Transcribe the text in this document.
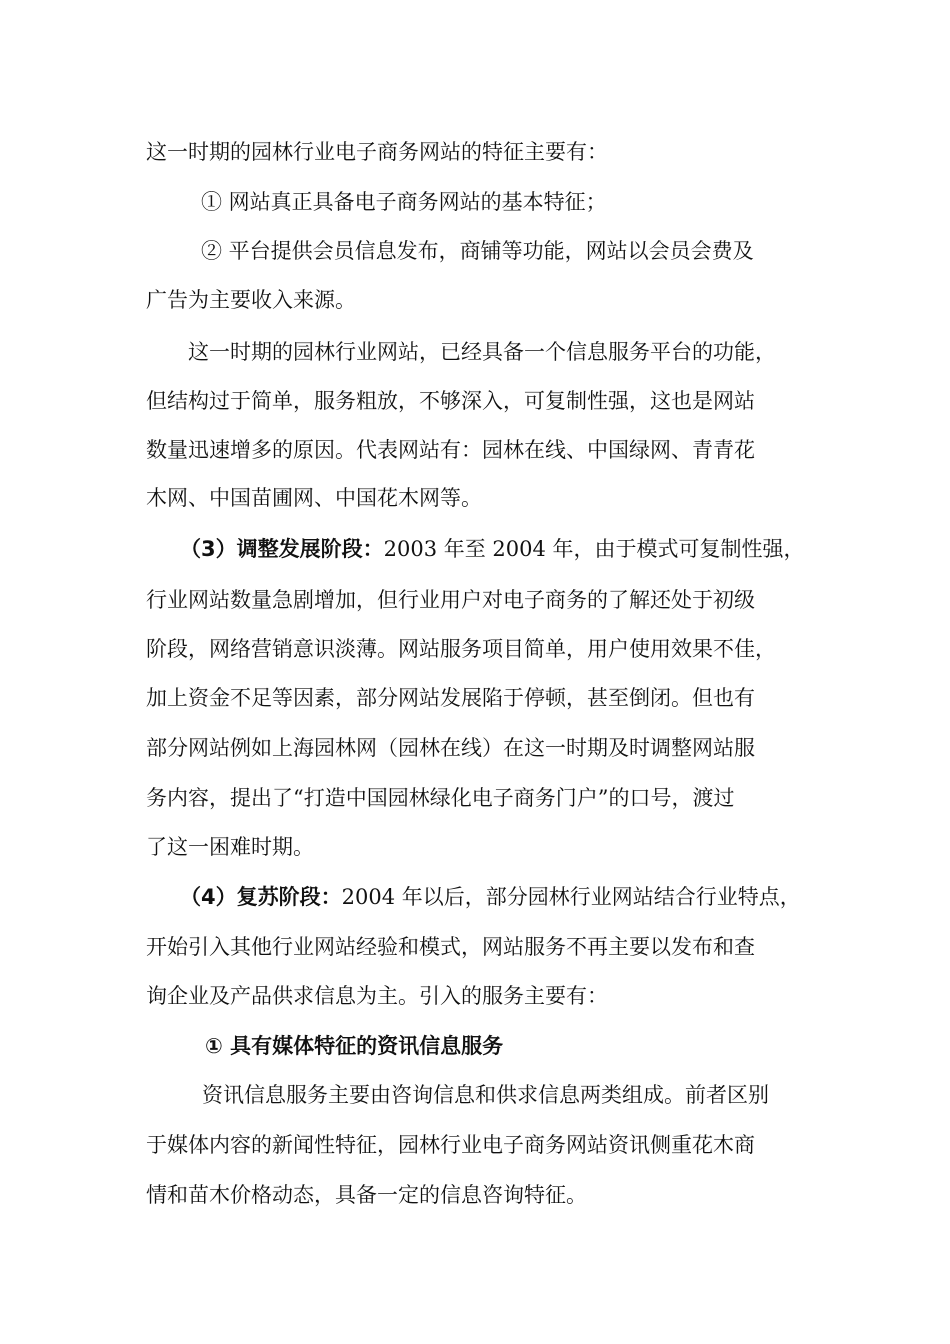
这一时期的园林行业电子商务网站的特征主要有：
① 网站真正具备电子商务网站的基本特征；
② 平台提供会员信息发布，商铺等功能，网站以会员会费及
广告为主要收入来源。
这一时期的园林行业网站，已经具备一个信息服务平台的功能，
但结构过于简单，服务粗放，不够深入，可复制性强，这也是网站
数量迅速增多的原因。代表网站有：园林在线、中国绿网、青青花
木网、中国苗圃网、中国花木网等。
（3）调整发展阶段：2003 年至 2004 年，由于模式可复制性强，
行业网站数量急剧增加，但行业用户对电子商务的了解还处于初级
阶段，网络营销意识淡薄。网站服务项目简单，用户使用效果不佳，
加上资金不足等因素，部分网站发展陷于停顿，甚至倒闭。但也有
部分网站例如上海园林网（园林在线）在这一时期及时调整网站服
务内容，提出了“打造中国园林绿化电子商务门户”的口号，渡过
了这一困难时期。
（4）复苏阶段：2004 年以后，部分园林行业网站结合行业特点，
开始引入其他行业网站经验和模式，网站服务不再主要以发布和查
询企业及产品供求信息为主。引入的服务主要有：
① 具有媒体特征的资讯信息服务
资讯信息服务主要由咨询信息和供求信息两类组成。前者区别
于媒体内容的新闻性特征，园林行业电子商务网站资讯侧重花木商
情和苗木价格动态，具备一定的信息咨询特征。
